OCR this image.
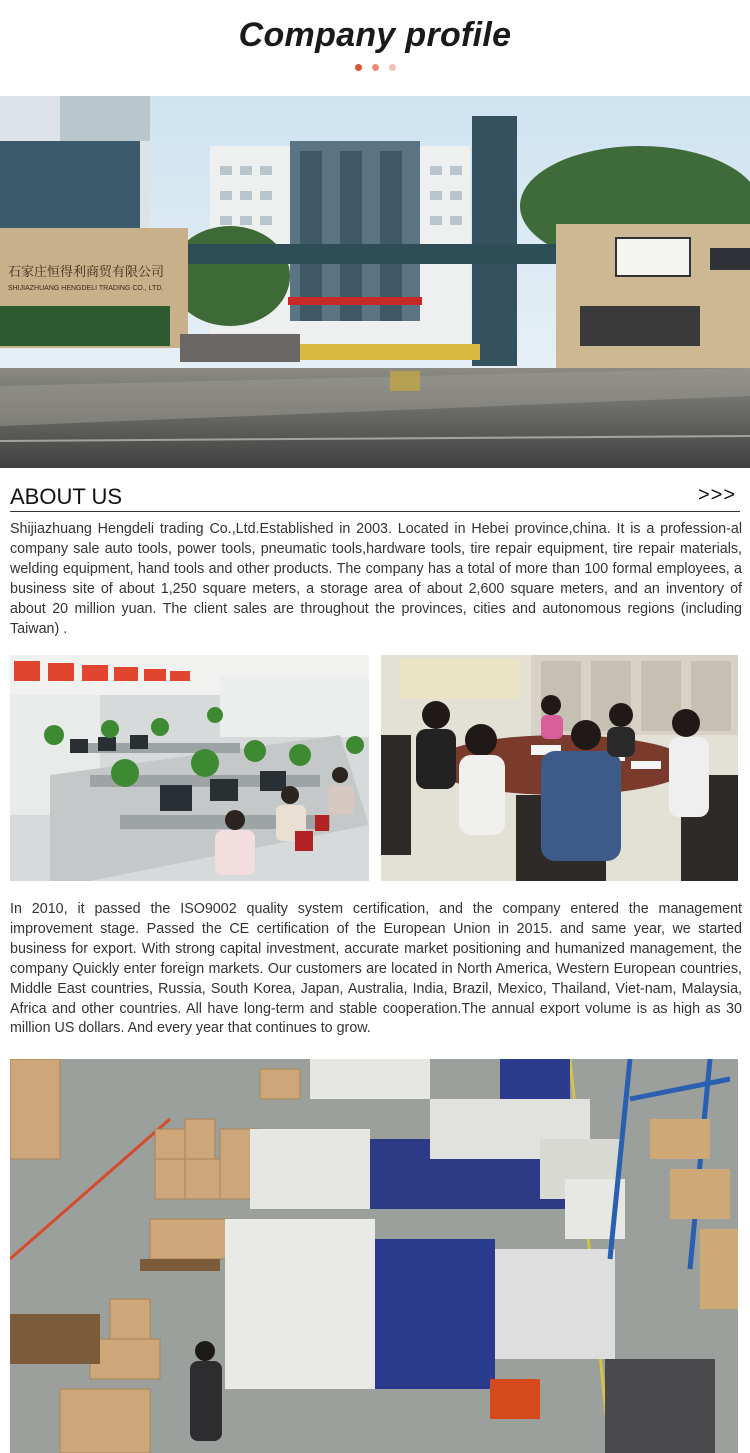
Company profile
石家庄恒得利商贸有限公司
SHIJIAZHUANG HENGDELI TRADING CO., LTD.
ABOUT US	>>>

Shijiazhuang Hengdeli trading Co.,Ltd.Established in 2003. Located in Hebei province,china. It is a profession-al company sale auto tools, power tools, pneumatic tools,hardware tools, tire repair equipment, tire repair materials, welding equipment, hand tools and other products. The company has a total of more than 100 formal employees, a business site of about 1,250 square meters, a storage area of about 2,600 square meters, and an inventory of about 20 million yuan. The client sales are throughout the provinces, cities and autonomous regions (including Taiwan) .

In 2010, it passed the ISO9002 quality system certification, and the company entered the management improvement stage. Passed the CE certification of the European Union in 2015. and same year, we started business for export. With strong capital investment, accurate market positioning and humanized management, the company Quickly enter foreign markets. Our customers are located in North America, Western European countries, Middle East countries, Russia, South Korea, Japan, Australia, India, Brazil, Mexico, Thailand, Viet-nam, Malaysia, Africa and other countries. All have long-term and stable cooperation.The annual export volume is as high as 30 million US dollars. And every year that continues to grow.
